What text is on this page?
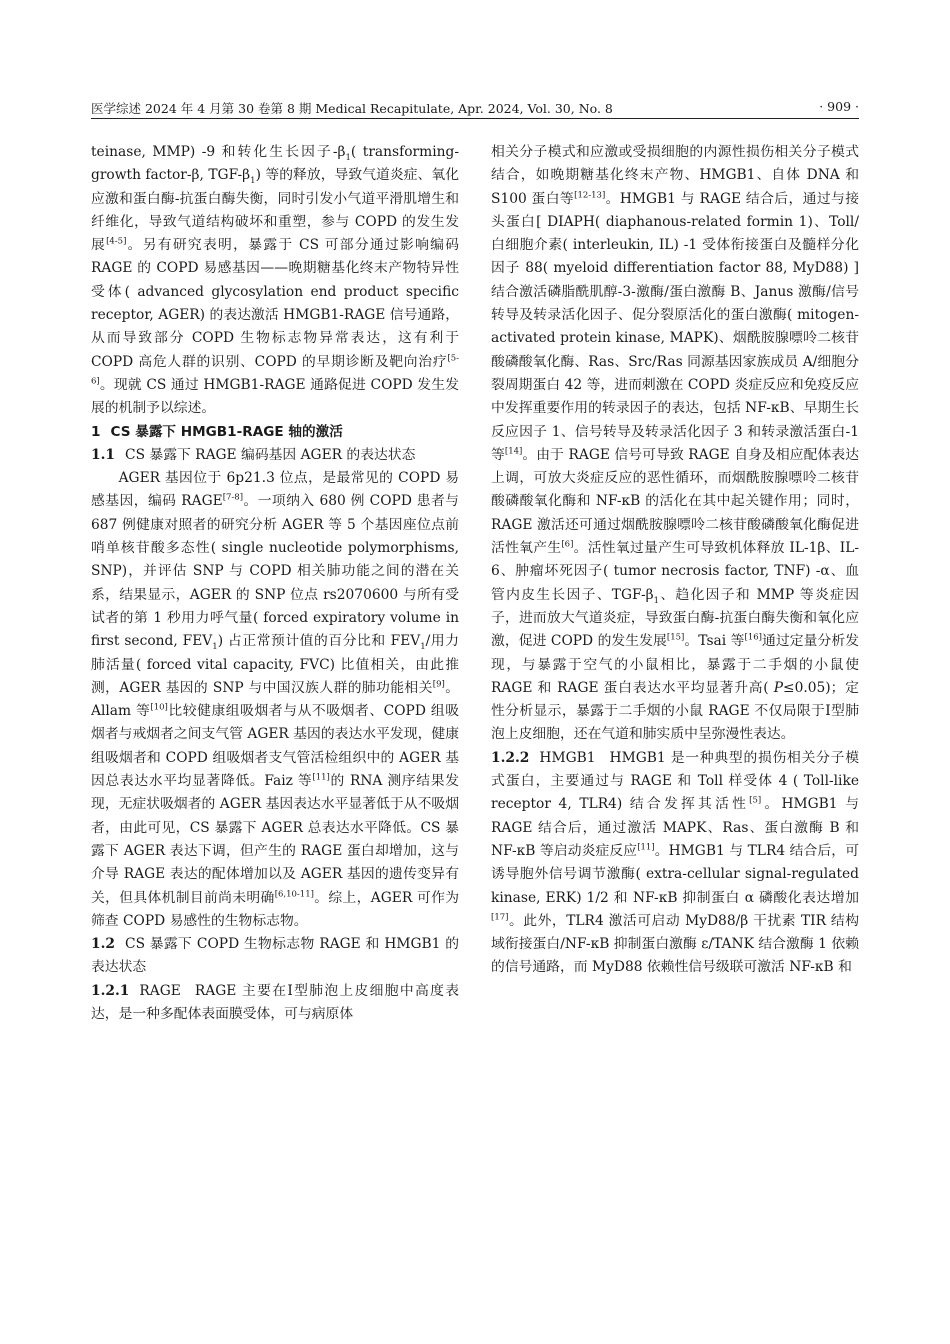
医学综述 2024 年 4 月第 30 卷第 8 期 Medical Recapitulate, Apr. 2024, Vol. 30, No. 8	· 909 ·

teinase, MMP) -9 和转化生长因子$-\beta_1$( transforming-growth factor-β, TGF-$\beta_1$) 等的释放，导致气道炎症、氧化应激和蛋白酶-抗蛋白酶失衡，同时引发小气道平滑肌增生和纤维化，导致气道结构破坏和重塑，参与 COPD 的发生发展[4-5]。另有研究表明，暴露于 CS 可部分通过影响编码 RAGE 的 COPD 易感基因——晚期糖基化终末产物特异性受体( advanced glycosylation end product specific receptor, AGER) 的表达激活 HMGB1-RAGE 信号通路，从而导致部分 COPD 生物标志物异常表达，这有利于 COPD 高危人群的识别、COPD 的早期诊断及靶向治疗[5-6]。现就 CS 通过 HMGB1-RAGE 通路促进 COPD 发生发展的机制予以综述。

1 CS 暴露下 HMGB1-RAGE 轴的激活
1.1 CS 暴露下 RAGE 编码基因 AGER 的表达状态

AGER 基因位于 6p21.3 位点，是最常见的 COPD 易感基因，编码 RAGE[7-8]。一项纳入 680 例 COPD 患者与 687 例健康对照者的研究分析 AGER 等 5 个基因座位点前哨单核苷酸多态性( single nucleotide polymorphisms, SNP)，并评估 SNP 与 COPD 相关肺功能之间的潜在关系，结果显示，AGER 的 SNP 位点 rs2070600 与所有受试者的第 1 秒用力呼气量( forced expiratory volume in first second, $FEV_1$) 占正常预计值的百分比和 $FEV_1/$用力肺活量( forced vital capacity, FVC) 比值相关，由此推测，AGER 基因的 SNP 与中国汉族人群的肺功能相关[9]。Allam 等[10]比较健康组吸烟者与从不吸烟者、COPD 组吸烟者与戒烟者之间支气管 AGER 基因的表达水平发现，健康组吸烟者和 COPD 组吸烟者支气管活检组织中的 AGER 基因总表达水平均显著降低。Faiz 等[11]的 RNA 测序结果发现，无症状吸烟者的 AGER 基因表达水平显著低于从不吸烟者，由此可见，CS 暴露下 AGER 总表达水平降低。CS 暴露下 AGER 表达下调，但产生的 RAGE 蛋白却增加，这与介导 RAGE 表达的配体增加以及 AGER 基因的遗传变异有关，但具体机制目前尚未明确[6,10-11]。综上，AGER 可作为筛查 COPD 易感性的生物标志物。

1.2 CS 暴露下 COPD 生物标志物 RAGE 和 HMGB1 的表达状态

1.2.1 RAGE RAGE 主要在Ⅰ型肺泡上皮细胞中高度表达，是一种多配体表面膜受体，可与病原体

相关分子模式和应激或受损细胞的内源性损伤相关分子模式结合，如晚期糖基化终末产物、HMGB1、自体 DNA 和 S100 蛋白等[12-13]。HMGB1 与 RAGE 结合后，通过与接头蛋白[ DIAPH( diaphanous-related formin 1)、Toll/白细胞介素( interleukin, IL) -1 受体衔接蛋白及髓样分化因子 88( myeloid differentiation factor 88, MyD88) ]结合激活磷脂酰肌醇-3-激酶/蛋白激酶 B、Janus 激酶/信号转导及转录活化因子、促分裂原活化的蛋白激酶( mitogen-activated protein kinase, MAPK)、烟酰胺腺嘌呤二核苷酸磷酸氧化酶、Ras、Src/Ras 同源基因家族成员 A/细胞分裂周期蛋白 42 等，进而刺激在 COPD 炎症反应和免疫反应中发挥重要作用的转录因子的表达，包括 NF-κB、早期生长反应因子 1、信号转导及转录活化因子 3 和转录激活蛋白-1 等[14]。由于 RAGE 信号可导致 RAGE 自身及相应配体表达上调，可放大炎症反应的恶性循环，而烟酰胺腺嘌呤二核苷酸磷酸氧化酶和 NF-κB 的活化在其中起关键作用；同时，RAGE 激活还可通过烟酰胺腺嘌呤二核苷酸磷酸氧化酶促进活性氧产生[6]。活性氧过量产生可导致机体释放 IL-1β、IL-6、肿瘤坏死因子( tumor necrosis factor, TNF) -α、血管内皮生长因子、TGF-$\beta_1$、趋化因子和 MMP 等炎症因子，进而放大气道炎症，导致蛋白酶-抗蛋白酶失衡和氧化应激，促进 COPD 的发生发展[15]。Tsai 等[16]通过定量分析发现，与暴露于空气的小鼠相比，暴露于二手烟的小鼠使 RAGE 和 RAGE 蛋白表达水平均显著升高( P≤0.05)；定性分析显示，暴露于二手烟的小鼠 RAGE 不仅局限于Ⅰ型肺泡上皮细胞，还在气道和肺实质中呈弥漫性表达。

1.2.2 HMGB1 HMGB1 是一种典型的损伤相关分子模式蛋白，主要通过与 RAGE 和 Toll 样受体 4 ( Toll-like receptor 4, TLR4) 结合发挥其活性[5]。HMGB1 与 RAGE 结合后，通过激活 MAPK、Ras、蛋白激酶 B 和 NF-κB 等启动炎症反应[11]。HMGB1 与 TLR4 结合后，可诱导胞外信号调节激酶( extra-cellular signal-regulated kinase, ERK) 1/2 和 NF-κB 抑制蛋白 α 磷酸化表达增加[17]。此外，TLR4 激活可启动 MyD88/β 干扰素 TIR 结构域衔接蛋白/NF-κB 抑制蛋白激酶 ε/TANK 结合激酶 1 依赖的信号通路，而 MyD88 依赖性信号级联可激活 NF-κB 和
